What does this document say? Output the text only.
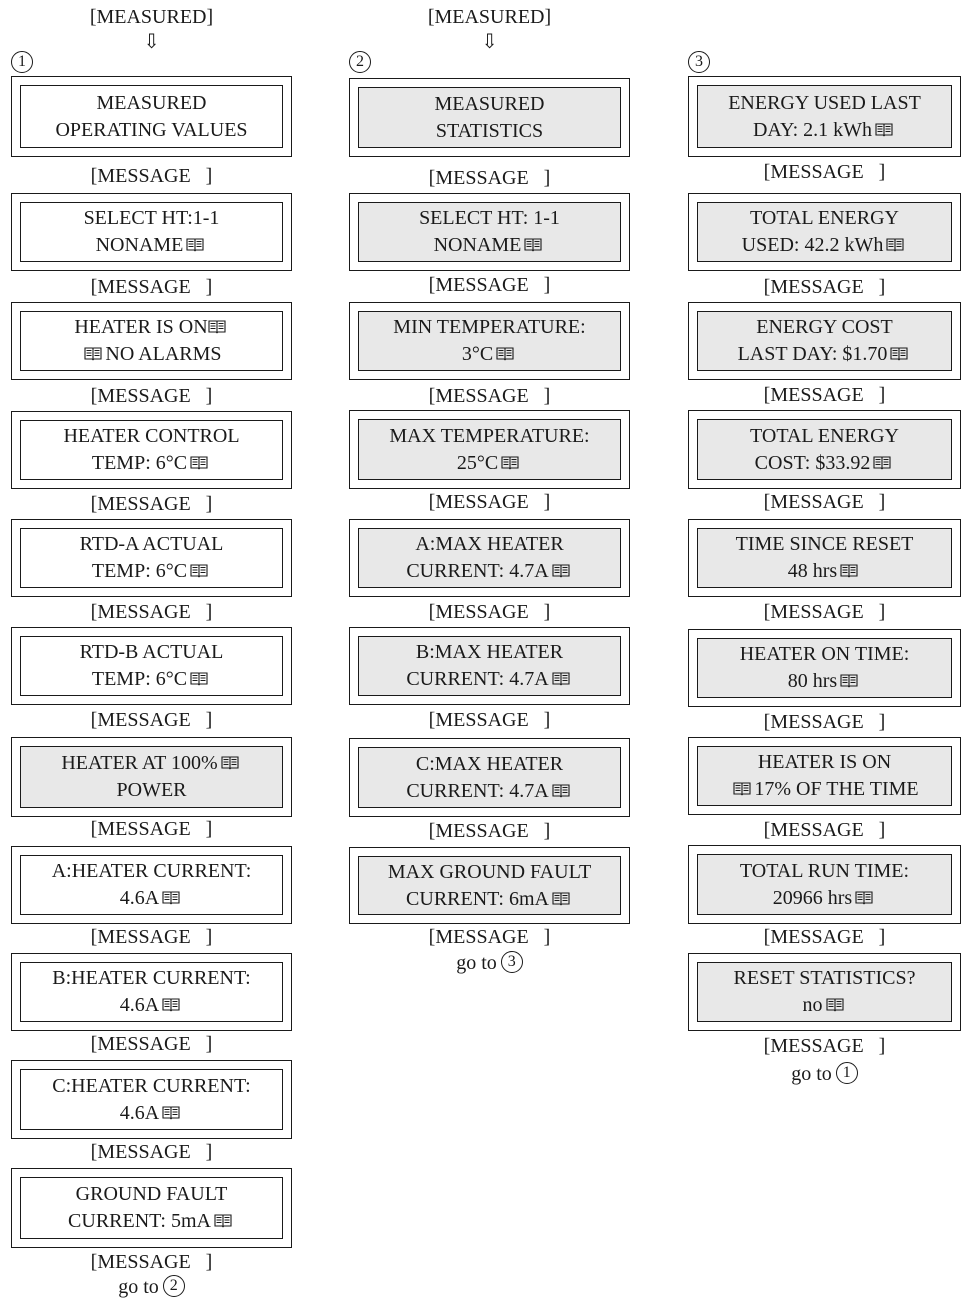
[MEASURED]
⇩
1
MEASURED
OPERATING VALUES
[MESSAGE   ]
SELECT HT:1-1
NONAME
[MESSAGE   ]
HEATER IS ON
NO ALARMS
[MESSAGE   ]
HEATER CONTROL
TEMP: 6°C
[MESSAGE   ]
RTD-A ACTUAL
TEMP: 6°C
[MESSAGE   ]
RTD-B ACTUAL
TEMP: 6°C
[MESSAGE   ]
HEATER AT 100%
POWER
[MESSAGE   ]
A:HEATER CURRENT:
4.6A
[MESSAGE   ]
B:HEATER CURRENT:
4.6A
[MESSAGE   ]
C:HEATER CURRENT:
4.6A
[MESSAGE   ]
GROUND FAULT
CURRENT: 5mA
[MESSAGE   ]
go to 2
[MEASURED]
⇩
2
MEASURED
STATISTICS
[MESSAGE   ]
SELECT HT: 1-1
NONAME
[MESSAGE   ]
MIN TEMPERATURE:
3°C
[MESSAGE   ]
MAX TEMPERATURE:
25°C
[MESSAGE   ]
A:MAX HEATER
CURRENT: 4.7A
[MESSAGE   ]
B:MAX HEATER
CURRENT: 4.7A
[MESSAGE   ]
C:MAX HEATER
CURRENT: 4.7A
[MESSAGE   ]
MAX GROUND FAULT
CURRENT: 6mA
[MESSAGE   ]
go to 3
3
ENERGY USED LAST
DAY: 2.1 kWh
[MESSAGE   ]
TOTAL ENERGY
USED: 42.2 kWh
[MESSAGE   ]
ENERGY COST
LAST DAY: $1.70
[MESSAGE   ]
TOTAL ENERGY
COST: $33.92
[MESSAGE   ]
TIME SINCE RESET
48 hrs
[MESSAGE   ]
HEATER ON TIME:
80 hrs
[MESSAGE   ]
HEATER IS ON
17% OF THE TIME
[MESSAGE   ]
TOTAL RUN TIME:
20966 hrs
[MESSAGE   ]
RESET STATISTICS?
no
[MESSAGE   ]
go to 1
